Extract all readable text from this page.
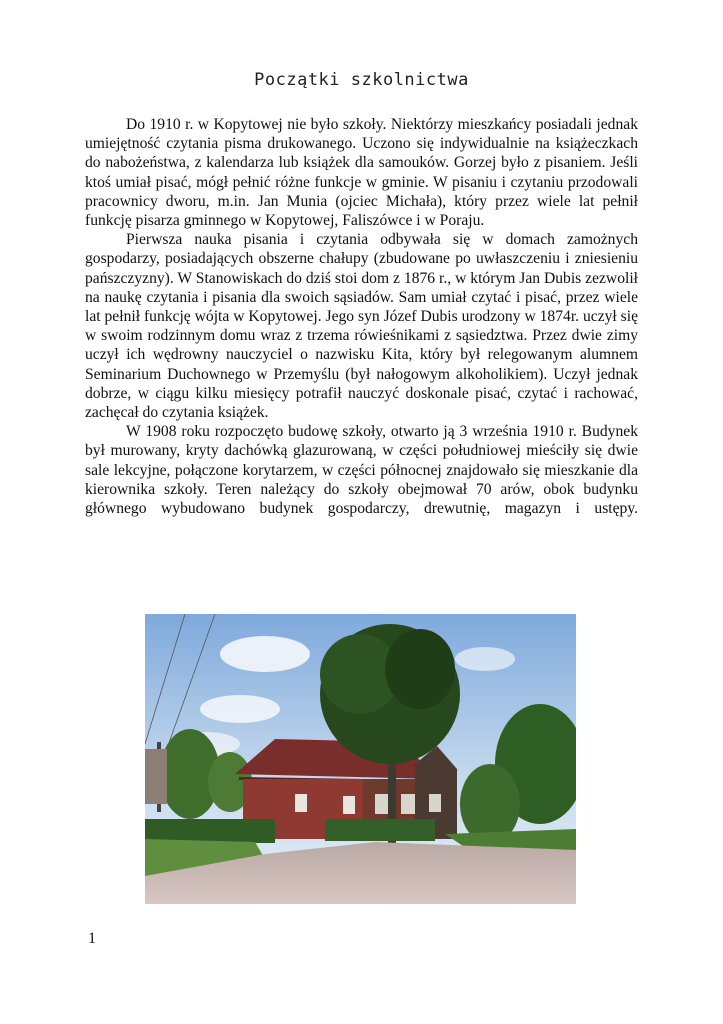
Początki szkolnictwa

Do 1910 r. w Kopytowej nie było szkoły. Niektórzy mieszkańcy posiadali jednak umiejętność czytania pisma drukowanego. Uczono się indywidualnie na książeczkach do nabożeństwa, z kalendarza lub książek dla samouków. Gorzej było z pisaniem. Jeśli ktoś umiał pisać, mógł pełnić różne funkcje w gminie. W pisaniu i czytaniu przodowali pracownicy dworu, m.in. Jan Munia (ojciec Michała), który przez wiele lat pełnił funkcję pisarza gminnego w Kopytowej, Faliszówce i w Poraju.

Pierwsza nauka pisania i czytania odbywała się w domach zamożnych gospodarzy, posiadających obszerne chałupy (zbudowane po uwłaszczeniu i zniesieniu pańszczyzny). W Stanowiskach do dziś stoi dom z 1876 r., w którym Jan Dubis zezwolił na naukę czytania i pisania dla swoich sąsiadów. Sam umiał czytać i pisać, przez wiele lat pełnił funkcję wójta w Kopytowej. Jego syn Józef Dubis urodzony w 1874r. uczył się w swoim rodzinnym domu wraz z trzema rówieśnikami z sąsiedztwa. Przez dwie zimy uczył ich wędrowny nauczyciel o nazwisku Kita, który był relegowanym alumnem Seminarium Duchownego w Przemyślu (był nałogowym alkoholikiem). Uczył jednak dobrze, w ciągu kilku miesięcy potrafił nauczyć doskonale pisać, czytać i rachować, zachęcał do czytania książek.

W 1908 roku rozpoczęto budowę szkoły, otwarto ją 3 września 1910 r. Budynek był murowany, kryty dachówką glazurowaną, w części południowej mieściły się dwie sale lekcyjne, połączone korytarzem, w części północnej znajdowało się mieszkanie dla kierownika szkoły. Teren należący do szkoły obejmował 70 arów, obok budynku głównego wybudowano budynek gospodarczy, drewutnię, magazyn i ustępy.

1
